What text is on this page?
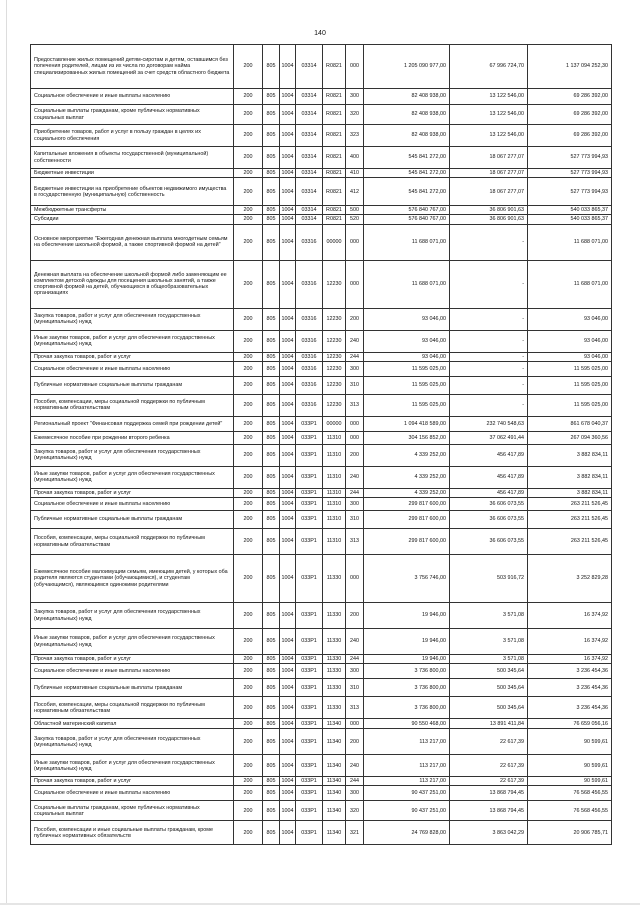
140
Предоставление жилых помещений детям-сиротам и детям, оставшимся без попечения родителей, лицам из их числа по договорам найма специализированных жилых помещений за счет средств областного бюджета	200	805	1004	03314	R0821	000	1 205 090 977,00	67 996 724,70	1 137 094 252,30
Социальное обеспечение и иные выплаты населению	200	805	1004	03314	R0821	300	82 408 938,00	13 122 546,00	69 286 392,00
Социальные выплаты гражданам, кроме публичных нормативных социальных выплат	200	805	1004	03314	R0821	320	82 408 938,00	13 122 546,00	69 286 392,00
Приобретение товаров, работ и услуг в пользу граждан в целях их социального обеспечения	200	805	1004	03314	R0821	323	82 408 938,00	13 122 546,00	69 286 392,00
Капитальные вложения в объекты государственной (муниципальной) собственности	200	805	1004	03314	R0821	400	545 841 272,00	18 067 277,07	527 773 994,93
Бюджетные инвестиции	200	805	1004	03314	R0821	410	545 841 272,00	18 067 277,07	527 773 994,93
Бюджетные инвестиции на приобретение объектов недвижимого имущества в государственную (муниципальную) собственность	200	805	1004	03314	R0821	412	545 841 272,00	18 067 277,07	527 773 994,93
Межбюджетные трансферты	200	805	1004	03314	R0821	500	576 840 767,00	36 806 901,63	540 033 865,37
Субсидии	200	805	1004	03314	R0821	520	576 840 767,00	36 806 901,63	540 033 865,37
Основное мероприятие "Ежегодная денежная выплата многодетным семьям на обеспечение школьной формой, а также спортивной формой на детей"	200	805	1004	03316	00000	000	11 688 071,00	-	11 688 071,00
Денежная выплата на обеспечение школьной формой либо заменяющим ее комплектом детской одежды для посещения школьных занятий, а также спортивной формой на детей, обучающихся в общеобразовательных организациях	200	805	1004	03316	12230	000	11 688 071,00	-	11 688 071,00
Закупка товаров, работ и услуг для обеспечения государственных (муниципальных) нужд	200	805	1004	03316	12230	200	93 046,00	-	93 046,00
Иные закупки товаров, работ и услуг для обеспечения государственных (муниципальных) нужд	200	805	1004	03316	12230	240	93 046,00	-	93 046,00
Прочая закупка товаров, работ и услуг	200	805	1004	03316	12230	244	93 046,00	-	93 046,00
Социальное обеспечение и иные выплаты населению	200	805	1004	03316	12230	300	11 595 025,00	-	11 595 025,00
Публичные нормативные социальные выплаты гражданам	200	805	1004	03316	12230	310	11 595 025,00	-	11 595 025,00
Пособия, компенсации, меры социальной поддержки по публичным нормативным обязательствам	200	805	1004	03316	12230	313	11 595 025,00	-	11 595 025,00
Региональный проект "Финансовая поддержка семей при рождении детей"	200	805	1004	033P1	00000	000	1 094 418 589,00	232 740 548,63	861 678 040,37
Ежемесячное пособие при рождении второго ребенка	200	805	1004	033P1	11310	000	304 156 852,00	37 062 491,44	267 094 360,56
Закупка товаров, работ и услуг для обеспечения государственных (муниципальных) нужд	200	805	1004	033P1	11310	200	4 339 252,00	456 417,89	3 882 834,11
Иные закупки товаров, работ и услуг для обеспечения государственных (муниципальных) нужд	200	805	1004	033P1	11310	240	4 339 252,00	456 417,89	3 882 834,11
Прочая закупка товаров, работ и услуг	200	805	1004	033P1	11310	244	4 339 252,00	456 417,89	3 882 834,11
Социальное обеспечение и иные выплаты населению	200	805	1004	033P1	11310	300	299 817 600,00	36 606 073,55	263 211 526,45
Публичные нормативные социальные выплаты гражданам	200	805	1004	033P1	11310	310	299 817 600,00	36 606 073,55	263 211 526,45
Пособия, компенсации, меры социальной поддержки по публичным нормативным обязательствам	200	805	1004	033P1	11310	313	299 817 600,00	36 606 073,55	263 211 526,45
Ежемесячное пособие малоимущим семьям, имеющим детей, у которых оба родителя являются студентами (обучающимися), и студентам (обучающимся), являющимся одинокими родителями	200	805	1004	033P1	11330	000	3 756 746,00	503 916,72	3 252 829,28
Закупка товаров, работ и услуг для обеспечения государственных (муниципальных) нужд	200	805	1004	033P1	11330	200	19 946,00	3 571,08	16 374,92
Иные закупки товаров, работ и услуг для обеспечения государственных (муниципальных) нужд	200	805	1004	033P1	11330	240	19 946,00	3 571,08	16 374,92
Прочая закупка товаров, работ и услуг	200	805	1004	033P1	11330	244	19 946,00	3 571,08	16 374,92
Социальное обеспечение и иные выплаты населению	200	805	1004	033P1	11330	300	3 736 800,00	500 345,64	3 236 454,36
Публичные нормативные социальные выплаты гражданам	200	805	1004	033P1	11330	310	3 736 800,00	500 345,64	3 236 454,36
Пособия, компенсации, меры социальной поддержки по публичным нормативным обязательствам	200	805	1004	033P1	11330	313	3 736 800,00	500 345,64	3 236 454,36
Областной материнский капитал	200	805	1004	033P1	11340	000	90 550 468,00	13 891 411,84	76 659 056,16
Закупка товаров, работ и услуг для обеспечения государственных (муниципальных) нужд	200	805	1004	033P1	11340	200	113 217,00	22 617,39	90 599,61
Иные закупки товаров, работ и услуг для обеспечения государственных (муниципальных) нужд	200	805	1004	033P1	11340	240	113 217,00	22 617,39	90 599,61
Прочая закупка товаров, работ и услуг	200	805	1004	033P1	11340	244	113 217,00	22 617,39	90 599,61
Социальное обеспечение и иные выплаты населению	200	805	1004	033P1	11340	300	90 437 251,00	13 868 794,45	76 568 456,55
Социальные выплаты гражданам, кроме публичных нормативных социальных выплат	200	805	1004	033P1	11340	320	90 437 251,00	13 868 794,45	76 568 456,55
Пособия, компенсации и иные социальные выплаты гражданам, кроме публичных нормативных обязательств	200	805	1004	033P1	11340	321	24 769 828,00	3 863 042,29	20 906 785,71
